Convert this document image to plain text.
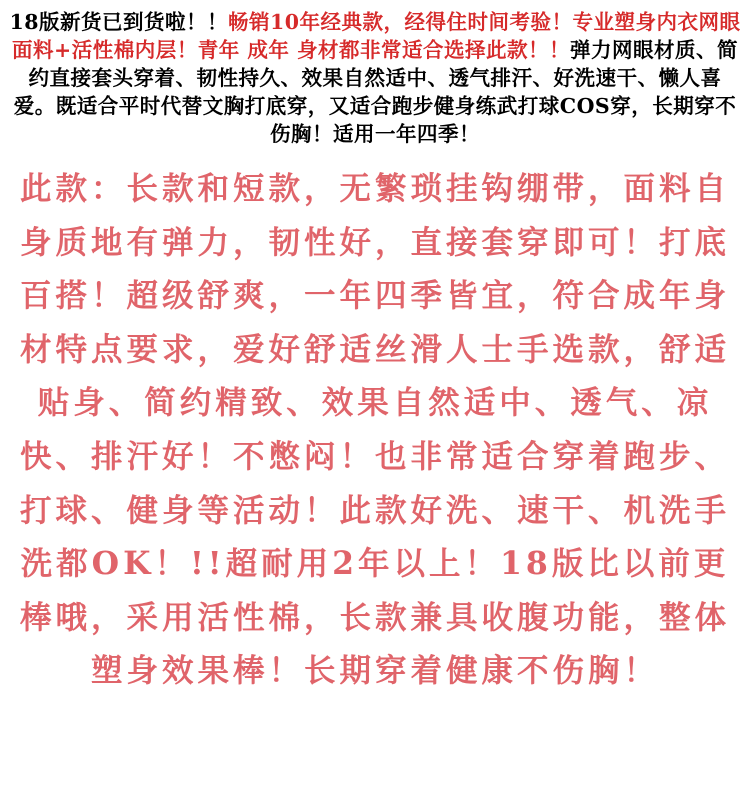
18版新货已到货啦！！畅销10年经典款，经得住时间考验！专业塑身内衣网眼面料+活性棉内层！青年 成年 身材都非常适合选择此款！！弹力网眼材质、简约直接套头穿着、韧性持久、效果自然适中、透气排汗、好洗速干、懒人喜爱。既适合平时代替文胸打底穿，又适合跑步健身练武打球COS穿，长期穿不伤胸！适用一年四季！

此款：长款和短款，无繁琐挂钩绷带，面料自身质地有弹力，韧性好，直接套穿即可！打底百搭！超级舒爽，一年四季皆宜，符合成年身材特点要求，爱好舒适丝滑人士手选款，舒适贴身、简约精致、效果自然适中、透气、凉快、排汗好！不憋闷！也非常适合穿着跑步、打球、健身等活动！此款好洗、速干、机洗手洗都OK！!!超耐用2年以上！18版比以前更棒哦，采用活性棉，长款兼具收腹功能，整体塑身效果棒！长期穿着健康不伤胸！
